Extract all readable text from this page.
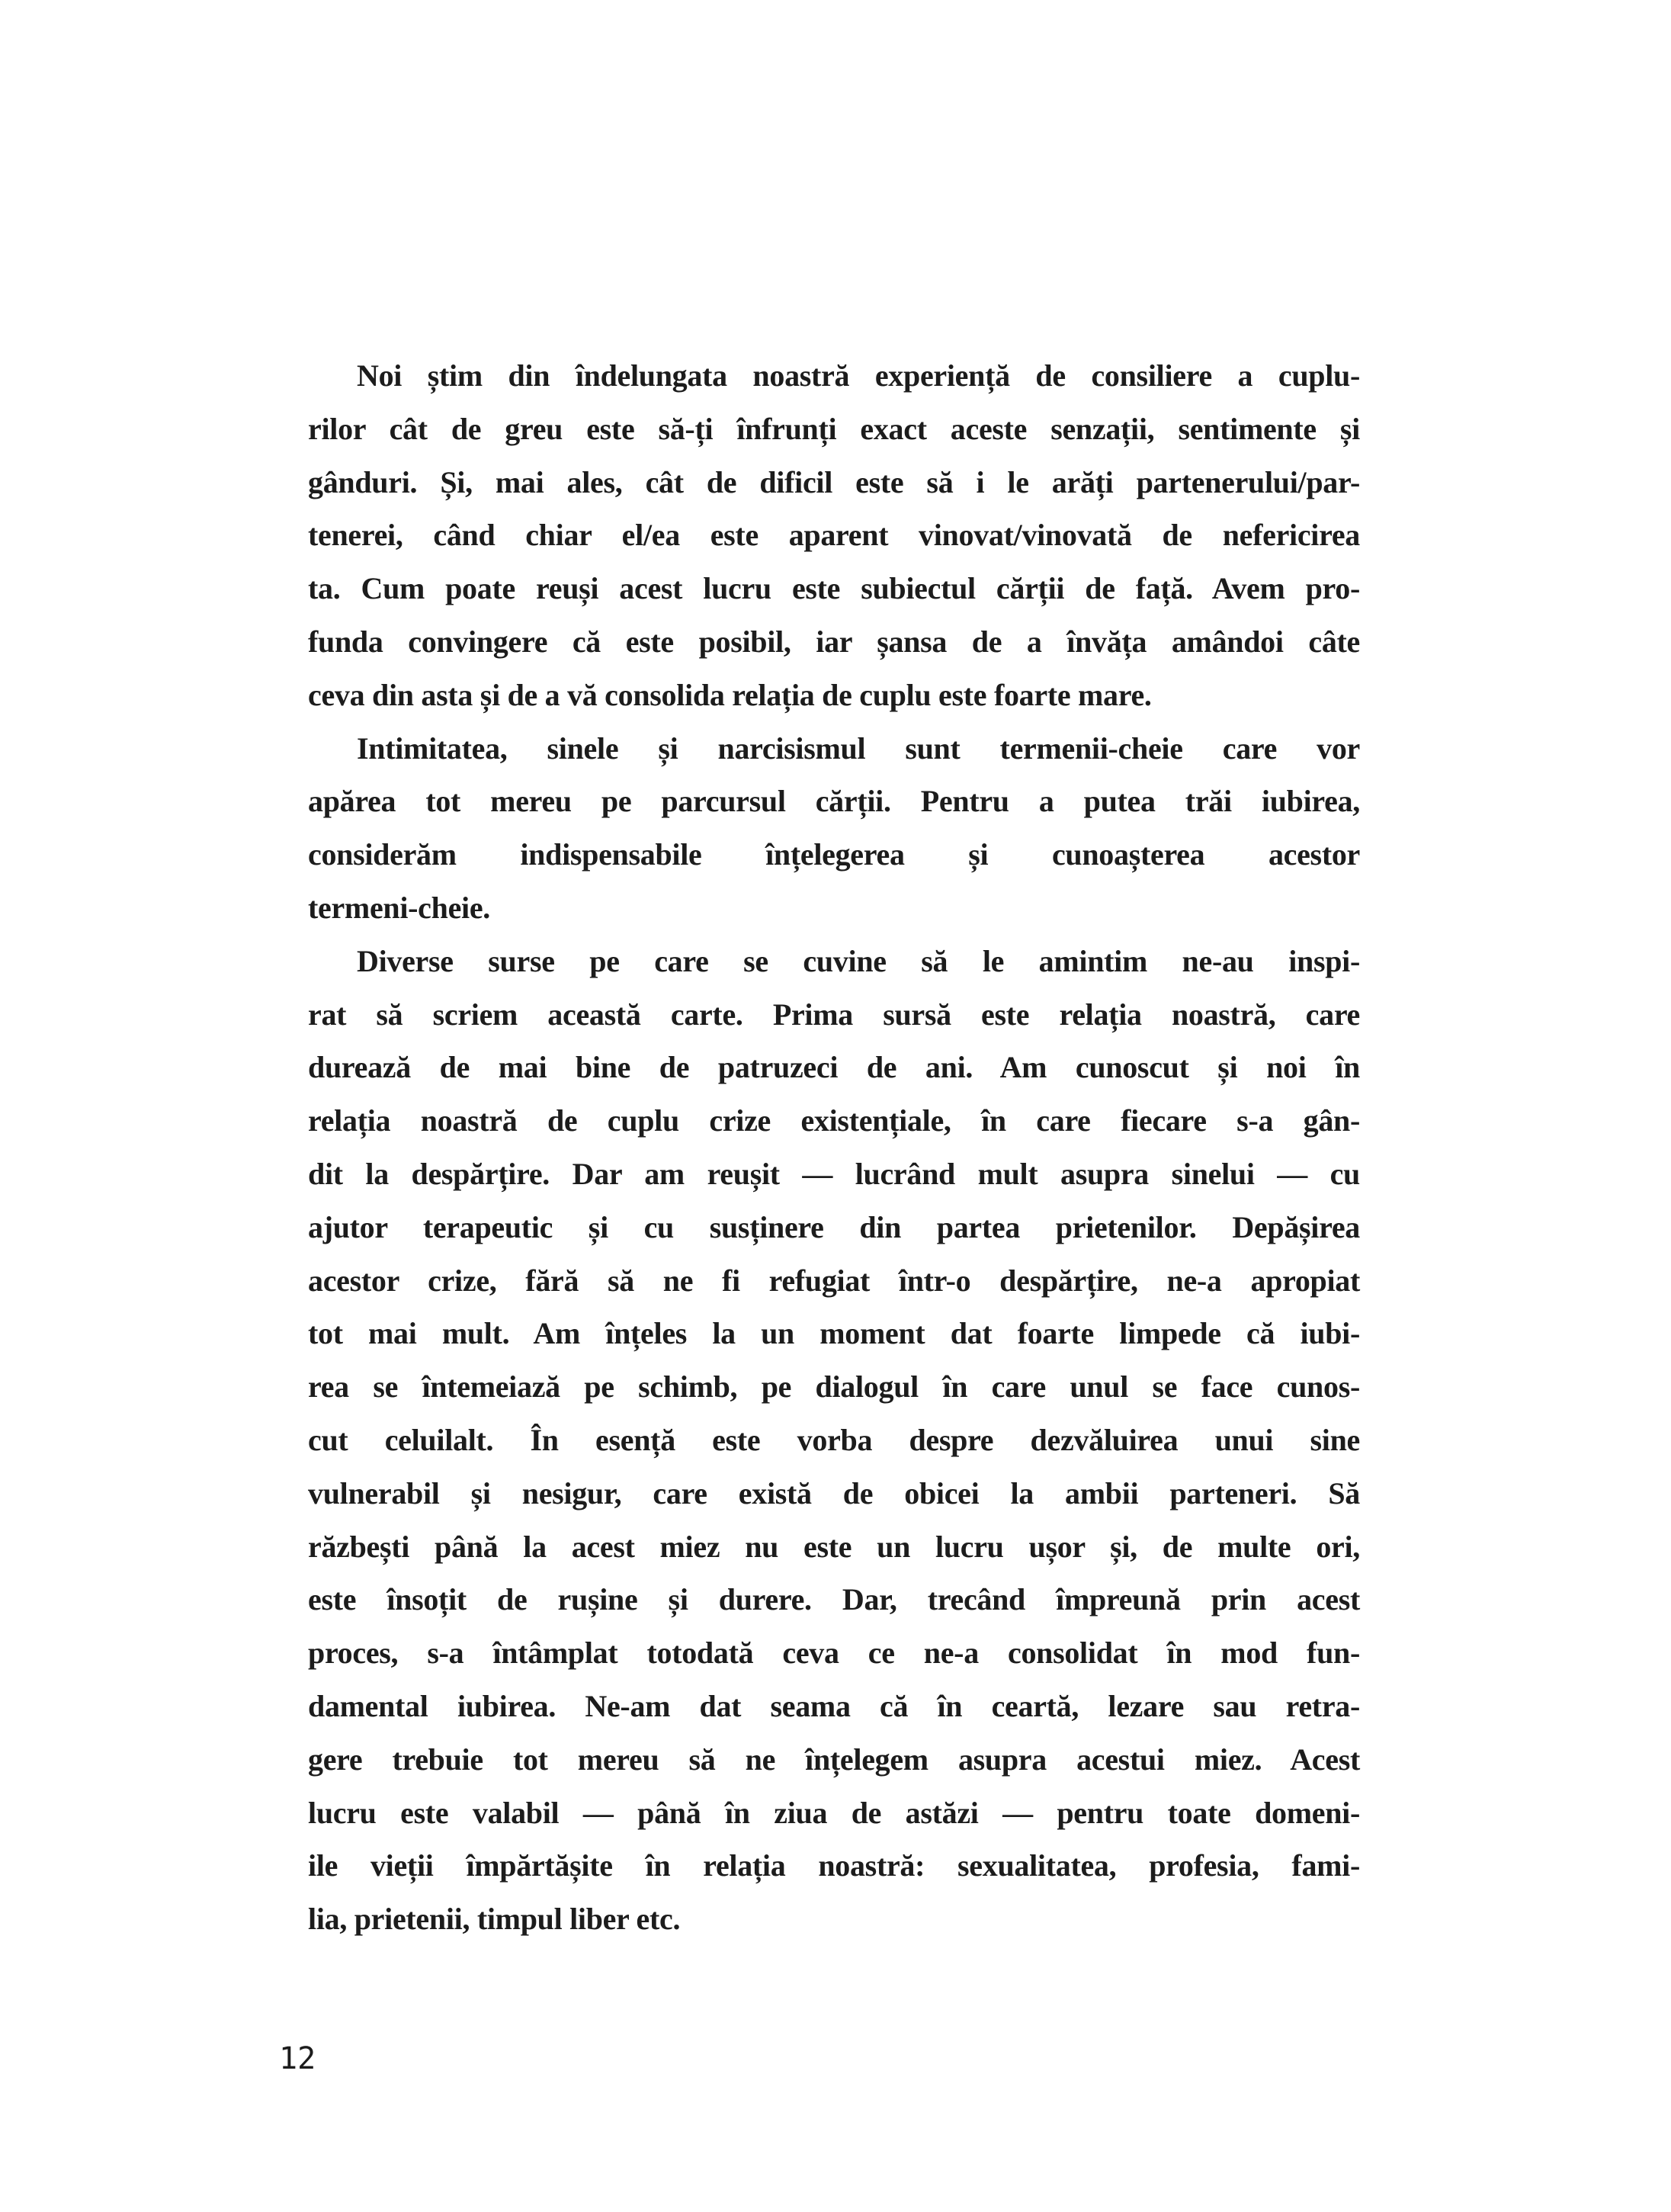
Noi știm din îndelungata noastră experiență de consiliere a cuplu-
rilor cât de greu este să-ți înfrunți exact aceste senzații, sentimente și
gânduri. Și, mai ales, cât de dificil este să i le arăți partenerului/par-
tenerei, când chiar el/ea este aparent vinovat/vinovată de nefericirea
ta. Cum poate reuși acest lucru este subiectul cărții de față. Avem pro-
funda convingere că este posibil, iar șansa de a învăța amândoi câte
ceva din asta și de a vă consolida relația de cuplu este foarte mare.
Intimitatea, sinele și narcisismul sunt termenii-cheie care vor
apărea tot mereu pe parcursul cărții. Pentru a putea trăi iubirea,
considerăm indispensabile înțelegerea și cunoașterea acestor
termeni-cheie.
Diverse surse pe care se cuvine să le amintim ne-au inspi-
rat să scriem această carte. Prima sursă este relația noastră, care
durează de mai bine de patruzeci de ani. Am cunoscut și noi în
relația noastră de cuplu crize existențiale, în care fiecare s-a gân-
dit la despărțire. Dar am reușit — lucrând mult asupra sinelui — cu
ajutor terapeutic și cu susținere din partea prietenilor. Depășirea
acestor crize, fără să ne fi refugiat într-o despărțire, ne-a apropiat
tot mai mult. Am înțeles la un moment dat foarte limpede că iubi-
rea se întemeiază pe schimb, pe dialogul în care unul se face cunos-
cut celuilalt. În esență este vorba despre dezvăluirea unui sine
vulnerabil și nesigur, care există de obicei la ambii parteneri. Să
răzbești până la acest miez nu este un lucru ușor și, de multe ori,
este însoțit de rușine și durere. Dar, trecând împreună prin acest
proces, s-a întâmplat totodată ceva ce ne-a consolidat în mod fun-
damental iubirea. Ne-am dat seama că în ceartă, lezare sau retra-
gere trebuie tot mereu să ne înțelegem asupra acestui miez. Acest
lucru este valabil — până în ziua de astăzi — pentru toate domeni-
ile vieții împărtășite în relația noastră: sexualitatea, profesia, fami-
lia, prietenii, timpul liber etc.
12
